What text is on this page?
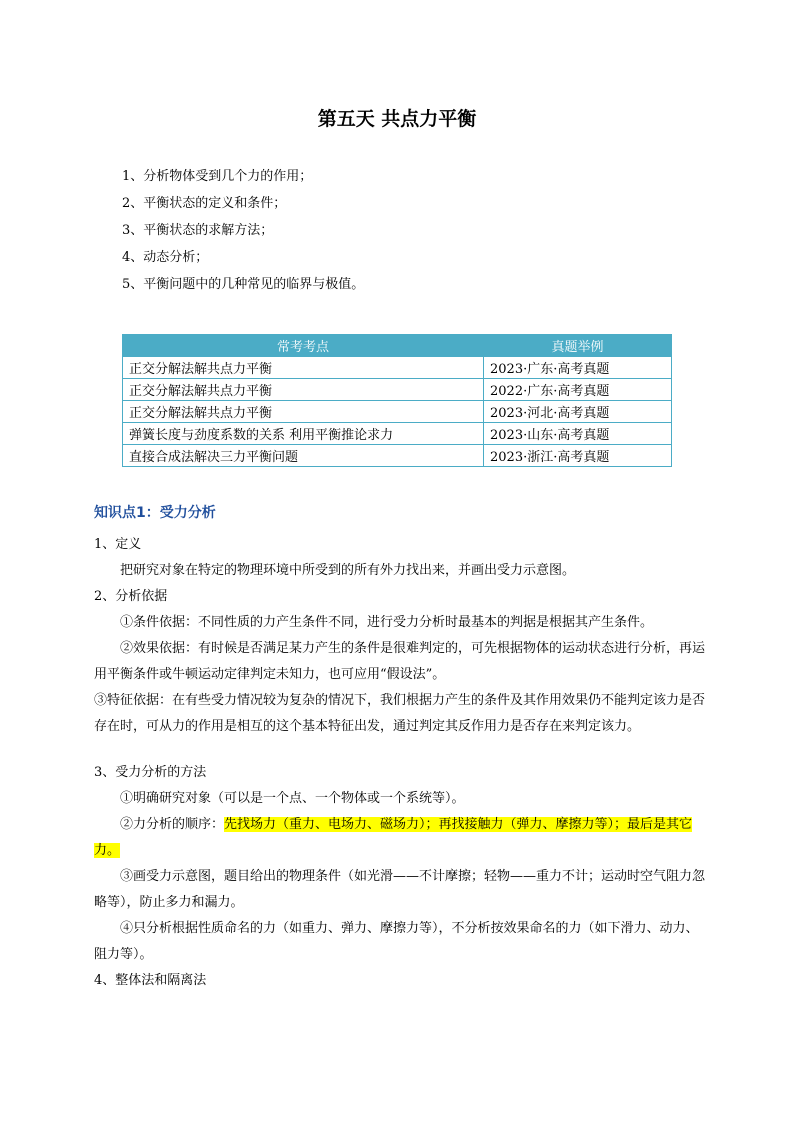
第五天 共点力平衡
1、分析物体受到几个力的作用；
2、平衡状态的定义和条件；
3、平衡状态的求解方法；
4、动态分析；
5、平衡问题中的几种常见的临界与极值。
常考考点	真题举例
正交分解法解共点力平衡	2023·广东·高考真题
正交分解法解共点力平衡	2022·广东·高考真题
正交分解法解共点力平衡	2023·河北·高考真题
弹簧长度与劲度系数的关系 利用平衡推论求力	2023·山东·高考真题
直接合成法解决三力平衡问题	2023·浙江·高考真题
知识点1：受力分析

1、定义

把研究对象在特定的物理环境中所受到的所有外力找出来，并画出受力示意图。

2、分析依据

①条件依据：不同性质的力产生条件不同，进行受力分析时最基本的判据是根据其产生条件。

②效果依据：有时候是否满足某力产生的条件是很难判定的，可先根据物体的运动状态进行分析，再运用平衡条件或牛顿运动定律判定未知力，也可应用“假设法”。

③特征依据：在有些受力情况较为复杂的情况下，我们根据力产生的条件及其作用效果仍不能判定该力是否存在时，可从力的作用是相互的这个基本特征出发，通过判定其反作用力是否存在来判定该力。

3、受力分析的方法

①明确研究对象（可以是一个点、一个物体或一个系统等）。

②力分析的顺序：先找场力（重力、电场力、磁场力）；再找接触力（弹力、摩擦力等）；最后是其它力。

③画受力示意图，题目给出的物理条件（如光滑——不计摩擦；轻物——重力不计；运动时空气阻力忽略等），防止多力和漏力。

④只分析根据性质命名的力（如重力、弹力、摩擦力等），不分析按效果命名的力（如下滑力、动力、阻力等）。

4、整体法和隔离法
